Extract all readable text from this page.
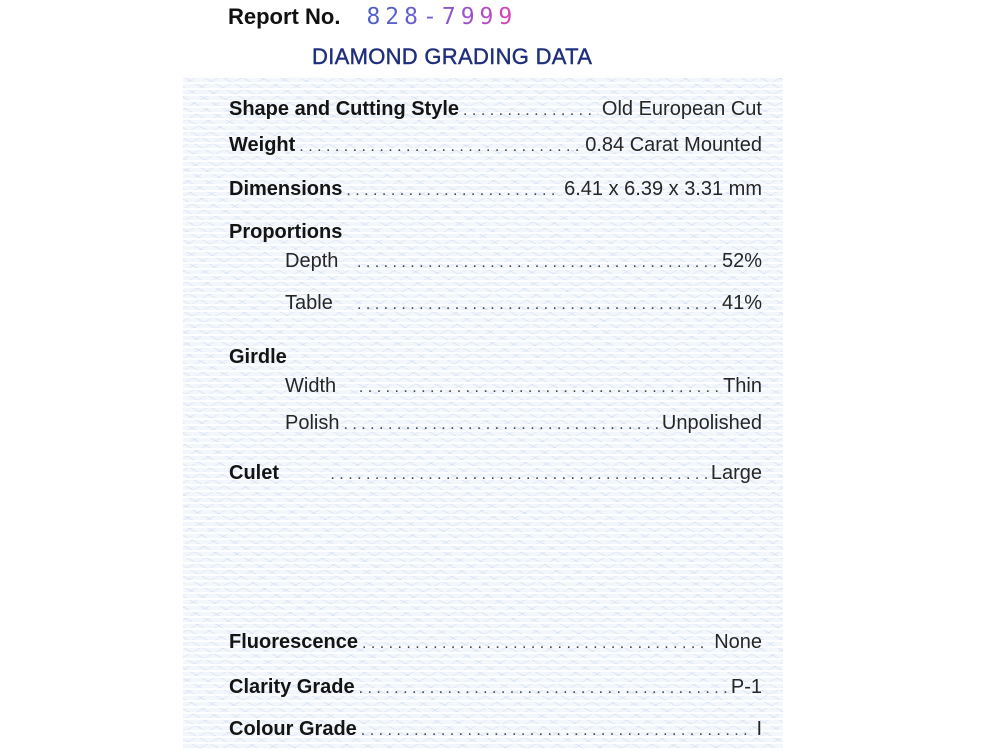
Report No. 828-7999
DIAMOND GRADING DATA
Shape and Cutting Style . . .	Old European Cut
Weight . . .	0.84 Carat Mounted
Dimensions . . .	6.41 x 6.39 x 3.31 mm
Proportions
Depth . . .	52%
Table . . .	41%
Girdle
Width . . .	Thin
Polish . . .	Unpolished
Culet . . .	Large
Fluorescence . . .	None
Clarity Grade . . .	P-1
Colour Grade . . .	I
